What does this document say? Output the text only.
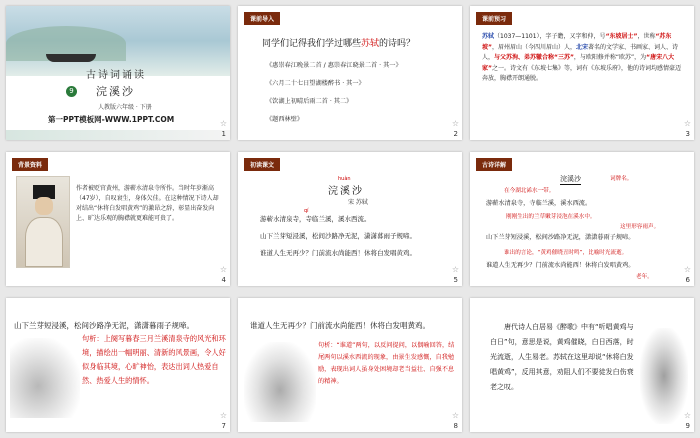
古诗词诵读
9 浣溪沙
人教版六年级 · 下册
第一PPT模板网-WWW.1PPT.COM	☆
1
课前导入
同学们记得我们学过哪些苏轼的诗吗？
《惠崇春江晚景二首 / 惠崇春江晓景二首 · 其一》
《六月二十七日望湖楼醉书 · 其一》
《饮湖上初晴后雨二首 · 其二》
《题西林壁》	☆
2
课前预习
苏轼（1037—1101），字子瞻，又字和仲，号“东坡居士”，世称“苏东坡”，眉州眉山（今四川眉山）人，北宋著名的文学家、书画家、词人、诗人，与父苏洵、弟苏辙合称“三苏”，与欧阳修并称“欧苏”，为“唐宋八大家”之一。诗文有《东坡七集》等，词有《东坡乐府》，他的诗词均感情豪迈奔放，胸襟开朗通脱。
☆
3
背景资料
作者被贬官黄州，游蕲水清泉寺所作。当时年岁渐高（47岁），自叹衰生，身体欠佳。在这种情况下诗人却对结出“休将白发唱黄鸡”的激昂之辞，彰显出奋发向上、旷达乐观的胸襟就更难能可贵了。
☆
4
初读课文
huàn
浣溪沙
宋 苏轼
qí
游蕲水清泉寺，寺临兰溪，溪水西流。
山下兰芽短浸溪，松间沙路净无泥，潇潇暮雨子规啼。
谁道人生无再少？门前流水尚能西！休将白发唱黄鸡。
☆
5
古诗详解
浣溪沙	词牌名。
在今湖北浠水一带。
游蕲水清泉寺，寺临兰溪，溪水西流。
刚刚生出的兰草嫩芽浸泡在溪水中。
这里形容雨声。
山下兰芽短浸溪，松间沙路净无泥，潇潇暮雨子规啼。
谁出的言论，“黄鸡催晓丑时鸣”，比喻时光流逝。
谁道人生无再少？门前流水尚能西！休将白发唱黄鸡。
老年。
☆
6
山下兰芽短浸溪，松间沙路净无泥，潇潇暮雨子规啼。
句析：上阕写暮春三月兰溪清泉寺的风光和环境，描绘出一幅明丽、清新的风景画，令人好似身临其境，心旷神怡，表达出词人热爱自然、热爱人生的情怀。
☆
7
谁道人生无再少？门前流水尚能西！休将白发唱黄鸡。
句析：“谁道”两句，以反问提问，以偶喻回答，结尾两句以溪水西流的现象，由景生发感慨，自我勉励，表现出词人虽身处困境却老当益壮、自强不息的精神。
☆
8
唐代诗人白居易《醉歌》中有“听唱黄鸡与白日”句，意思是说，黄鸡催晓，白日西落，时光流逝，人生易老。苏轼在这里却说“休将白发唱黄鸡”，反用其意，劝阻人们不要徒发白伤衰老之叹。
☆
9
